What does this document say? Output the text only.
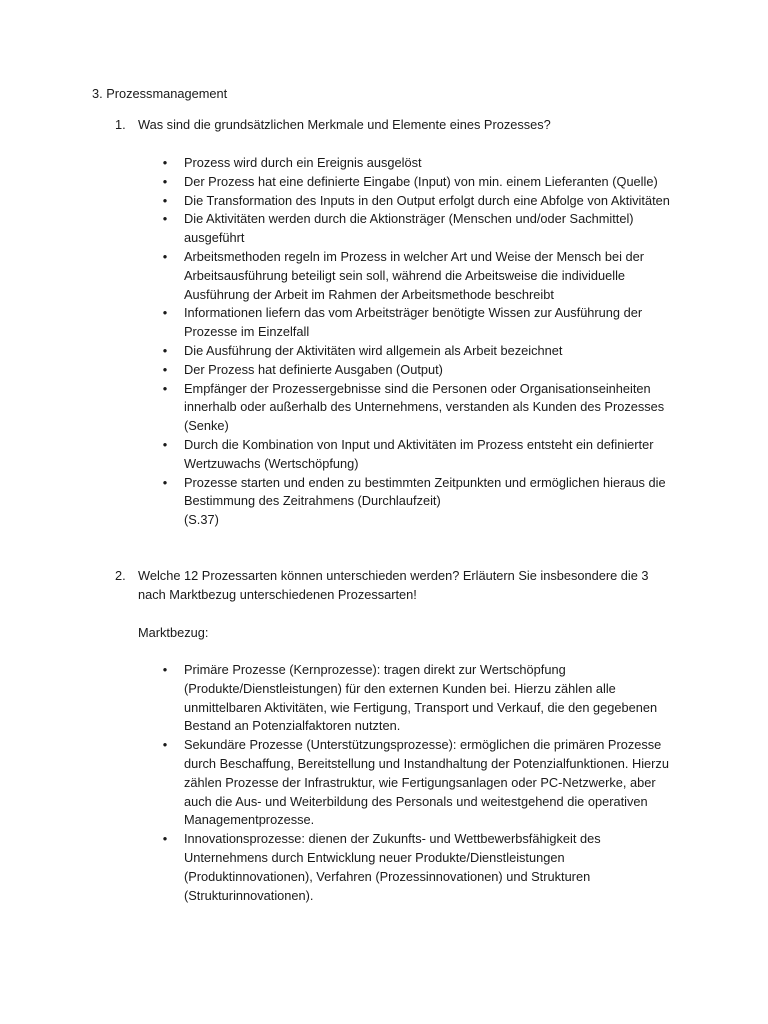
3. Prozessmanagement
1. Was sind die grundsätzlichen Merkmale und Elemente eines Prozesses?
• Prozess wird durch ein Ereignis ausgelöst
• Der Prozess hat eine definierte Eingabe (Input) von min. einem Lieferanten (Quelle)
• Die Transformation des Inputs in den Output erfolgt durch eine Abfolge von Aktivitäten
• Die Aktivitäten werden durch die Aktionsträger (Menschen und/oder Sachmittel) ausgeführt
• Arbeitsmethoden regeln im Prozess in welcher Art und Weise der Mensch bei der Arbeitsausführung beteiligt sein soll, während die Arbeitsweise die individuelle Ausführung der Arbeit im Rahmen der Arbeitsmethode beschreibt
• Informationen liefern das vom Arbeitsträger benötigte Wissen zur Ausführung der Prozesse im Einzelfall
• Die Ausführung der Aktivitäten wird allgemein als Arbeit bezeichnet
• Der Prozess hat definierte Ausgaben (Output)
• Empfänger der Prozessergebnisse sind die Personen oder Organisationseinheiten innerhalb oder außerhalb des Unternehmens, verstanden als Kunden des Prozesses (Senke)
• Durch die Kombination von Input und Aktivitäten im Prozess entsteht ein definierter Wertzuwachs (Wertschöpfung)
• Prozesse starten und enden zu bestimmten Zeitpunkten und ermöglichen hieraus die Bestimmung des Zeitrahmens (Durchlaufzeit)
(S.37)
2. Welche 12 Prozessarten können unterschieden werden? Erläutern Sie insbesondere die 3 nach Marktbezug unterschiedenen Prozessarten!
Marktbezug:
• Primäre Prozesse (Kernprozesse): tragen direkt zur Wertschöpfung (Produkte/Dienstleistungen) für den externen Kunden bei. Hierzu zählen alle unmittelbaren Aktivitäten, wie Fertigung, Transport und Verkauf, die den gegebenen Bestand an Potenzialfaktoren nutzten.
• Sekundäre Prozesse (Unterstützungsprozesse): ermöglichen die primären Prozesse durch Beschaffung, Bereitstellung und Instandhaltung der Potenzialfunktionen. Hierzu zählen Prozesse der Infrastruktur, wie Fertigungsanlagen oder PC-Netzwerke, aber auch die Aus- und Weiterbildung des Personals und weitestgehend die operativen Managementprozesse.
• Innovationsprozesse: dienen der Zukunfts- und Wettbewerbsfähigkeit des Unternehmens durch Entwicklung neuer Produkte/Dienstleistungen (Produktinnovationen), Verfahren (Prozessinnovationen) und Strukturen (Strukturinnovationen).
